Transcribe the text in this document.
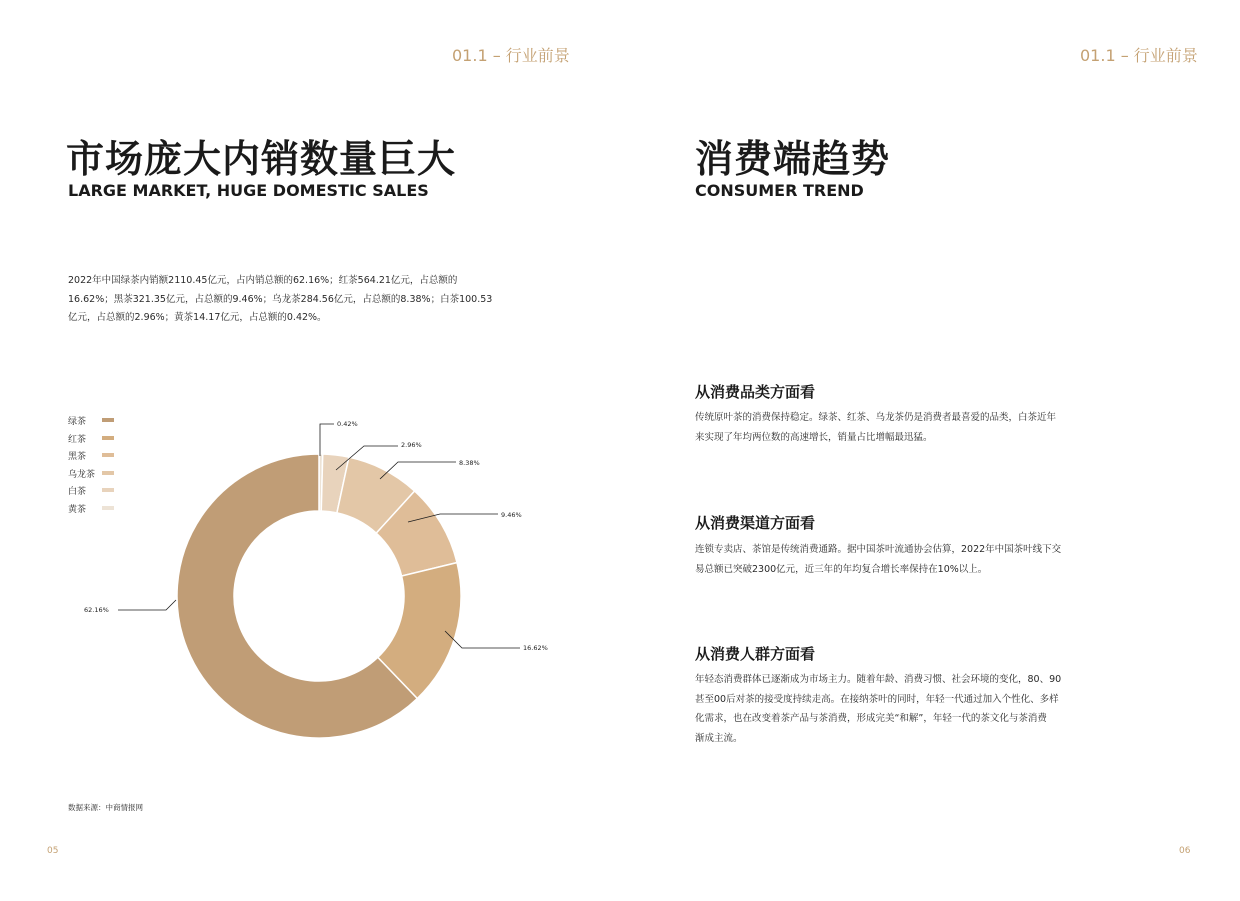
01.1 – 行业前景
市场庞大内销数量巨大
LARGE MARKET, HUGE DOMESTIC SALES
2022年中国绿茶内销额2110.45亿元，占内销总额的62.16%；红茶564.21亿元，占总额的
16.62%；黑茶321.35亿元，占总额的9.46%；乌龙茶284.56亿元，占总额的8.38%；白茶100.53
亿元，占总额的2.96%；黄茶14.17亿元，占总额的0.42%。
绿茶
红茶
黑茶
乌龙茶
白茶
黄茶
62.16%
16.62%
9.46%
8.38%
2.96%
0.42%
数据来源：中商情报网
05
01.1 – 行业前景
消费端趋势
CONSUMER TREND
从消费品类方面看
传统原叶茶的消费保持稳定。绿茶、红茶、乌龙茶仍是消费者最喜爱的品类，白茶近年
来实现了年均两位数的高速增长，销量占比增幅最迅猛。
从消费渠道方面看
连锁专卖店、茶馆是传统消费通路。据中国茶叶流通协会估算，2022年中国茶叶线下交
易总额已突破2300亿元，近三年的年均复合增长率保持在10%以上。
从消费人群方面看
年轻态消费群体已逐渐成为市场主力。随着年龄、消费习惯、社会环境的变化，80、90
甚至00后对茶的接受度持续走高。在接纳茶叶的同时，年轻一代通过加入个性化、多样
化需求，也在改变着茶产品与茶消费，形成完美“和解”，年轻一代的茶文化与茶消费
渐成主流。
06
